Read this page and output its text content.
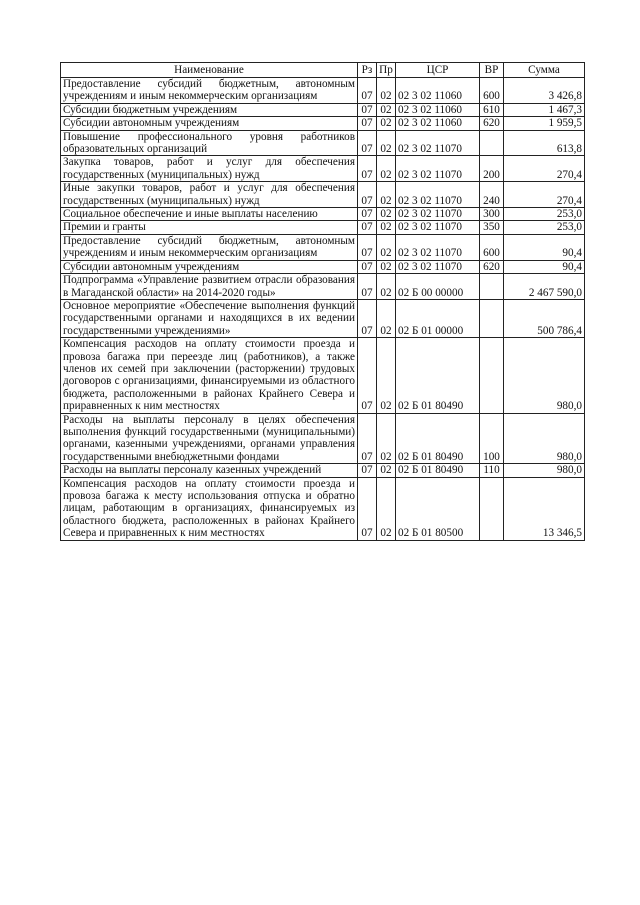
Наименование	Рз	Пр	ЦСР	ВР	Сумма
Предоставление субсидий бюджетным, автономным учреждениям и иным некоммерческим организациям	07	02	02 3 02 11060	600	3 426,8
Субсидии бюджетным учреждениям	07	02	02 3 02 11060	610	1 467,3
Субсидии автономным учреждениям	07	02	02 3 02 11060	620	1 959,5
Повышение профессионального уровня работников образовательных организаций	07	02	02 3 02 11070		613,8
Закупка товаров, работ и услуг для обеспечения государственных (муниципальных) нужд	07	02	02 3 02 11070	200	270,4
Иные закупки товаров, работ и услуг для обеспечения государственных (муниципальных) нужд	07	02	02 3 02 11070	240	270,4
Социальное обеспечение и иные выплаты населению	07	02	02 3 02 11070	300	253,0
Премии и гранты	07	02	02 3 02 11070	350	253,0
Предоставление субсидий бюджетным, автономным учреждениям и иным некоммерческим организациям	07	02	02 3 02 11070	600	90,4
Субсидии автономным учреждениям	07	02	02 3 02 11070	620	90,4
Подпрограмма «Управление развитием отрасли образования в Магаданской области» на 2014-2020 годы»	07	02	02 Б 00 00000		2 467 590,0
Основное мероприятие «Обеспечение выполнения функций государственными органами и находящихся в их ведении государственными учреждениями»	07	02	02 Б 01 00000		500 786,4
Компенсация расходов на оплату стоимости проезда и провоза багажа при переезде лиц (работников), а также членов их семей при заключении (расторжении) трудовых договоров с организациями, финансируемыми из областного бюджета, расположенными в районах Крайнего Севера и приравненных к ним местностях	07	02	02 Б 01 80490		980,0
Расходы на выплаты персоналу в целях обеспечения выполнения функций государственными (муниципальными) органами, казенными учреждениями, органами управления государственными внебюджетными фондами	07	02	02 Б 01 80490	100	980,0
Расходы на выплаты персоналу казенных учреждений	07	02	02 Б 01 80490	110	980,0
Компенсация расходов на оплату стоимости проезда и провоза багажа к месту использования отпуска и обратно лицам, работающим в организациях, финансируемых из областного бюджета, расположенных в районах Крайнего Севера и приравненных к ним местностях	07	02	02 Б 01 80500		13 346,5
